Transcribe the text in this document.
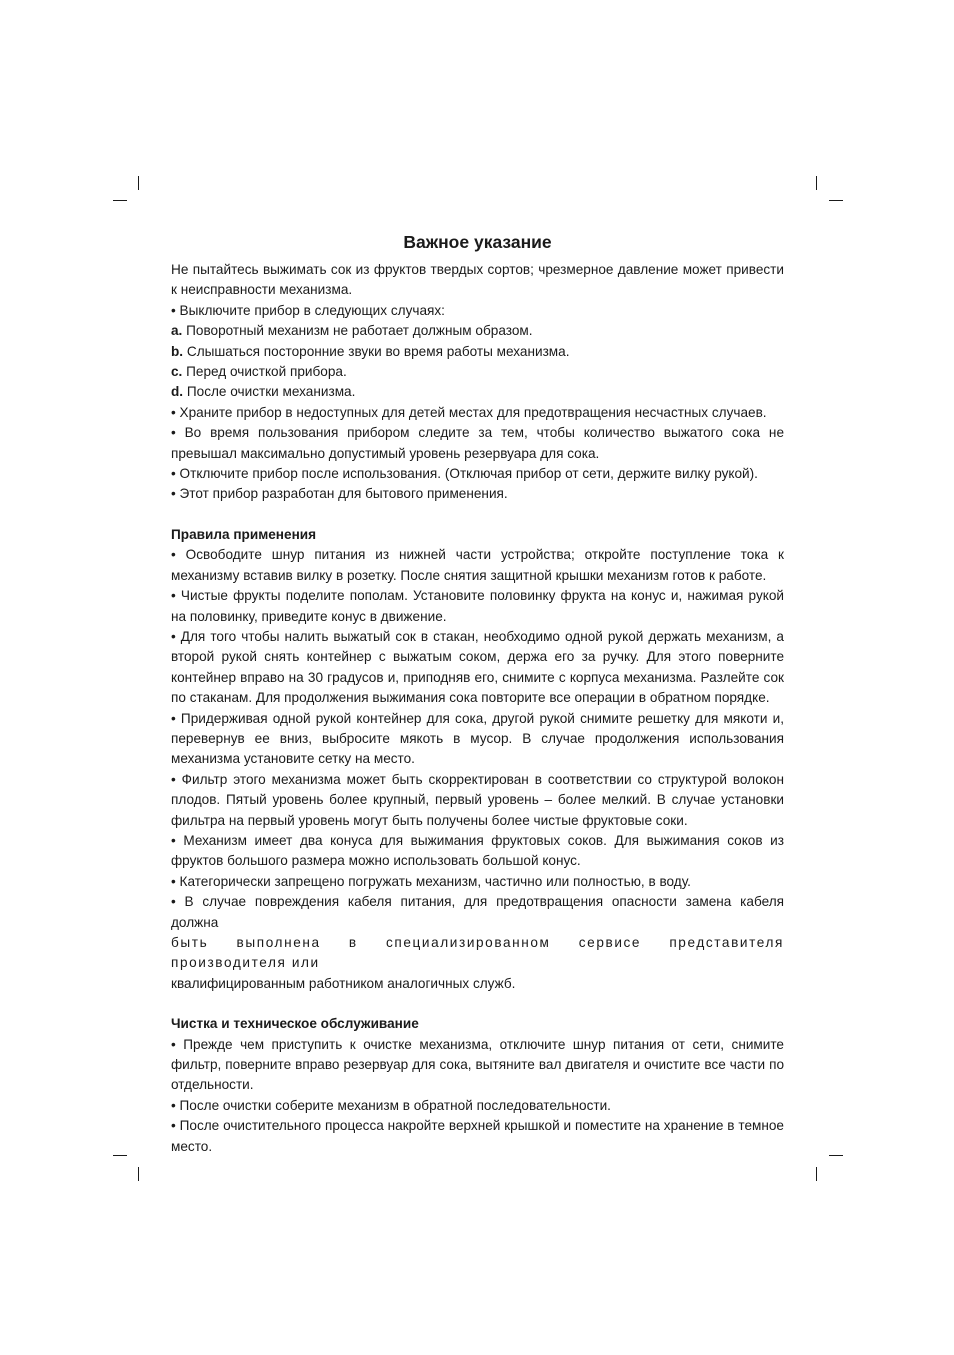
Важное указание

Не пытайтесь выжимать сок из фруктов твердых сортов; чрезмерное давление может привести к неисправности механизма.

• Выключите прибор в следующих случаях:

a. Поворотный механизм не работает должным образом.

b. Слышаться посторонние звуки во время работы механизма.

c. Перед очисткой прибора.

d. После очистки механизма.

• Храните прибор в недоступных для детей местах для предотвращения несчастных случаев.

• Во время пользования прибором следите за тем, чтобы количество выжатого сока не превышал максимально допустимый уровень резервуара для сока.

• Отключите прибор после использования. (Отключая прибор от сети, держите вилку рукой).

• Этот прибор разработан для бытового применения.

Правила применения

• Освободите шнур питания из нижней части устройства; откройте поступление тока к механизму вставив вилку в розетку. После снятия защитной крышки механизм готов к работе.

• Чистые фрукты поделите пополам. Установите половинку фрукта на конус и, нажимая рукой на половинку, приведите конус в движение.

• Для того чтобы налить выжатый сок в стакан, необходимо одной рукой держать механизм, а второй рукой снять контейнер с выжатым соком, держа его за ручку. Для этого поверните контейнер вправо на 30 градусов и, приподняв его, снимите с корпуса механизма. Разлейте сок по стаканам. Для продолжения выжимания сока повторите все операции в обратном порядке.

• Придерживая одной рукой контейнер для сока, другой рукой снимите решетку для мякоти и, перевернув ее вниз, выбросите мякоть в мусор. В случае продолжения использования механизма установите сетку на место.

• Фильтр этого механизма может быть скорректирован в соответствии со структурой волокон плодов. Пятый уровень более крупный, первый уровень – более мелкий. В случае установки фильтра на первый уровень могут быть получены более чистые фруктовые соки.

• Механизм имеет два конуса для выжимания фруктовых соков. Для выжимания соков из фруктов большого размера можно использовать большой конус.

• Категорически запрещено погружать механизм, частично или полностью, в воду.

• В случае повреждения кабеля питания, для предотвращения опасности замена кабеля должна
быть выполнена в специализированном сервисе представителя производителя или
квалифицированным работником аналогичных служб.

Чистка и техническое обслуживание

• Прежде чем приступить к очистке механизма, отключите шнур питания от сети, снимите фильтр, поверните вправо резервуар для сока, вытяните вал двигателя и очистите все части по отдельности.

• После очистки соберите механизм в обратной последовательности.

• После очистительного процесса накройте верхней крышкой и поместите на хранение в темное место.
